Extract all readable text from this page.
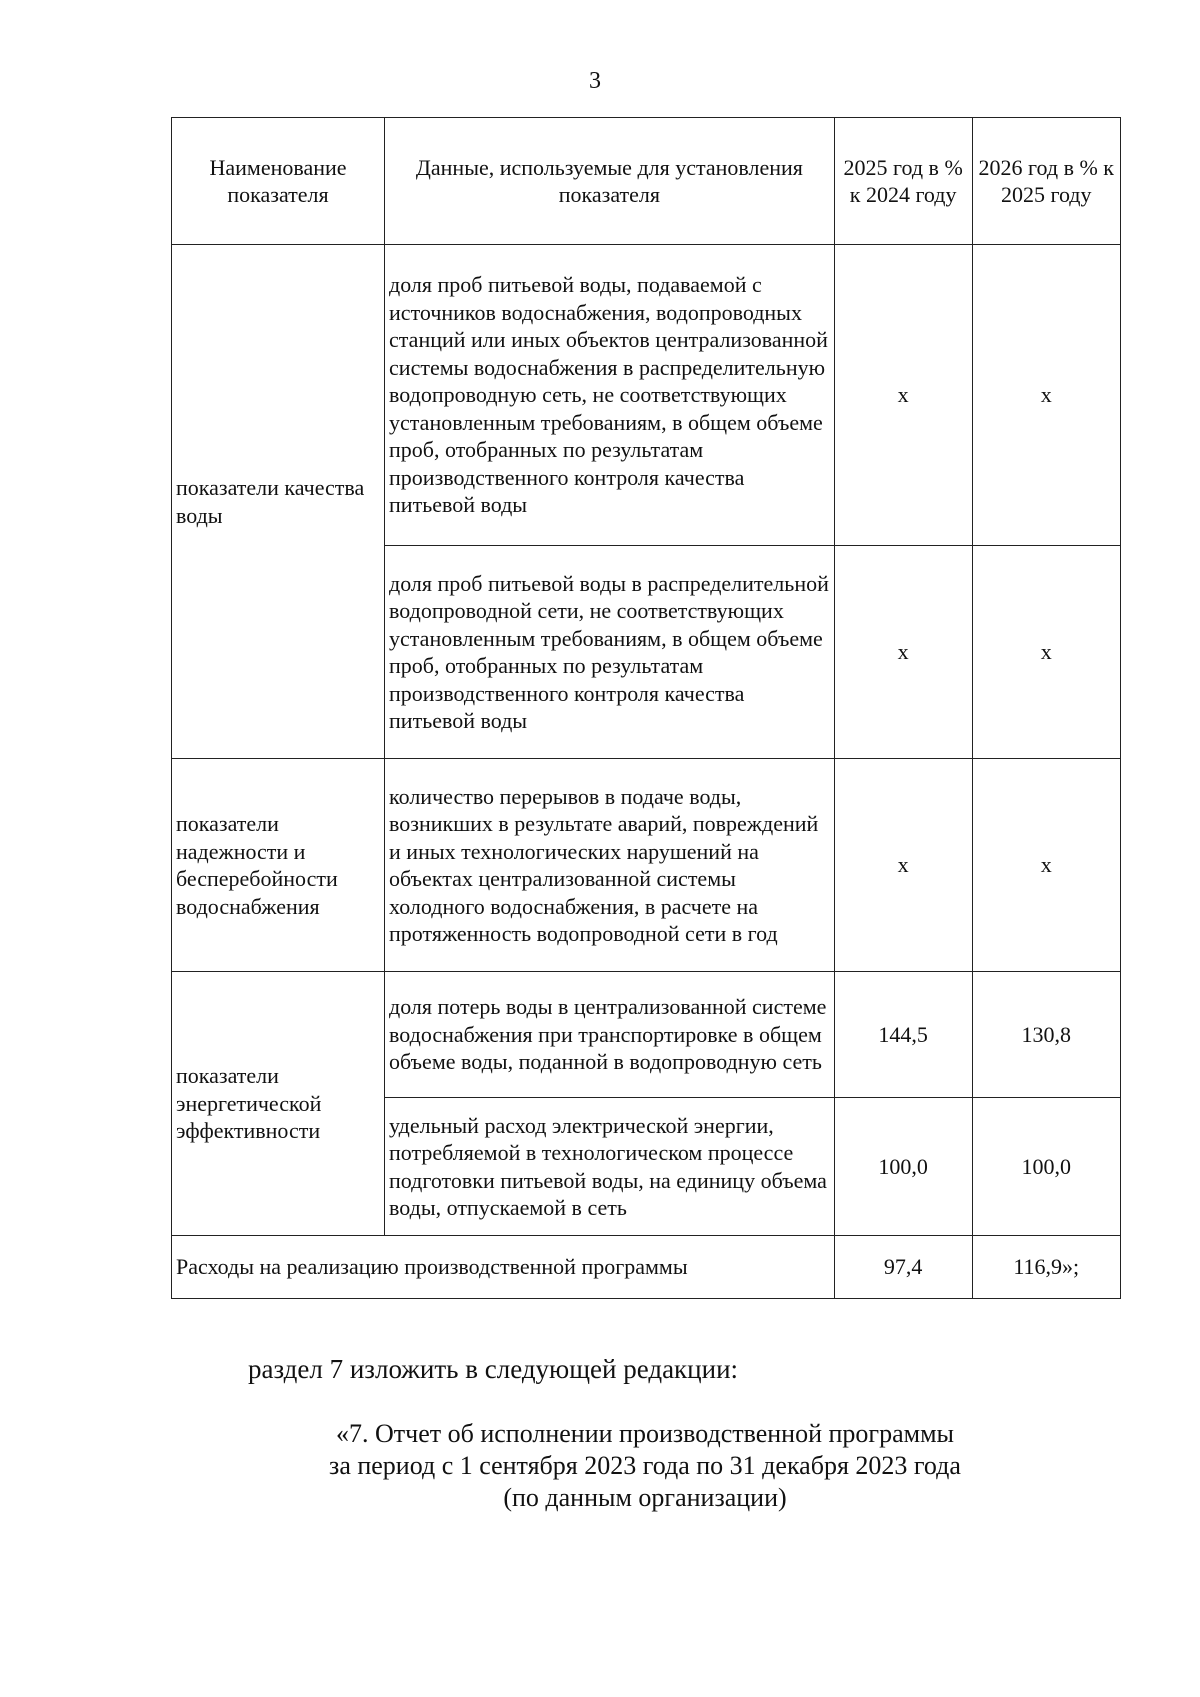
3
Наименование показателя	Данные, используемые для установления показателя	2025 год в % к 2024 году	2026 год в % к 2025 году
показатели качества воды	доля проб питьевой воды, подаваемой с источников водоснабжения, водопроводных станций или иных объектов централизованной системы водоснабжения в распределительную водопроводную сеть, не соответствующих установленным требованиям, в общем объеме проб, отобранных по результатам производственного контроля качества питьевой воды	х	х
	доля проб питьевой воды в распределительной водопроводной сети, не соответствующих установленным требованиям, в общем объеме проб, отобранных по результатам производственного контроля качества питьевой воды	х	х
показатели надежности и бесперебойности водоснабжения	количество перерывов в подаче воды, возникших в результате аварий, повреждений и иных технологических нарушений на объектах централизованной системы холодного водоснабжения, в расчете на протяженность водопроводной сети в год	х	х
показатели энергетической эффективности	доля потерь воды в централизованной системе водоснабжения при транспортировке в общем объеме воды, поданной в водопроводную сеть	144,5	130,8
	удельный расход электрической энергии, потребляемой в технологическом процессе подготовки питьевой воды, на единицу объема воды, отпускаемой в сеть	100,0	100,0
Расходы на реализацию производственной программы		97,4	116,9»;
раздел 7 изложить в следующей редакции:
«7. Отчет об исполнении производственной программы
за период с 1 сентября 2023 года по 31 декабря 2023 года
(по данным организации)
